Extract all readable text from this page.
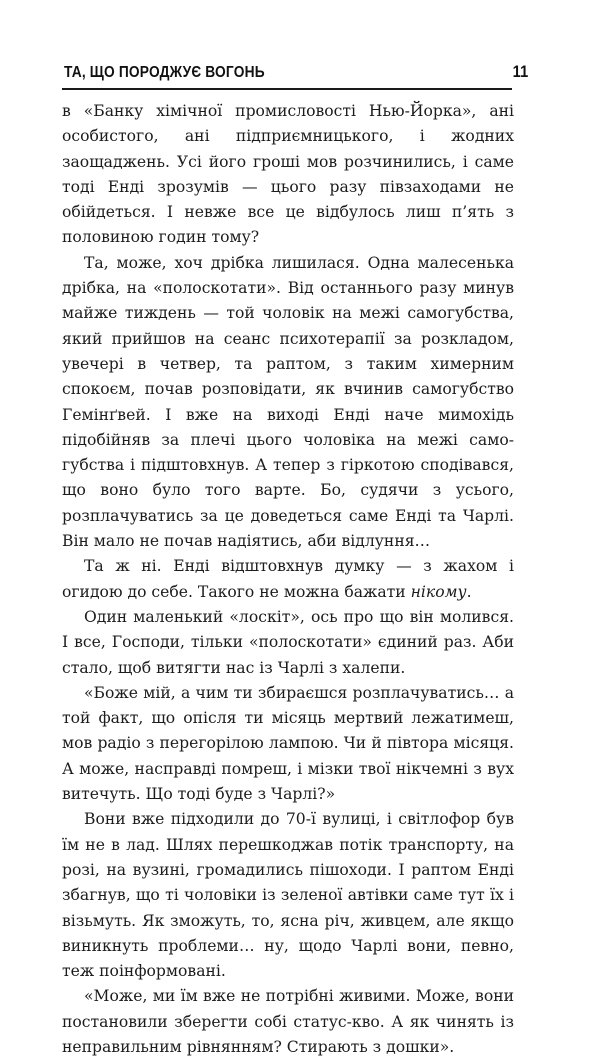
ТА, ЩО ПОРОДЖУЄ ВОГОНЬ	11

в «Банку хімічної промисловості Нью-Йорка», ані особистого, ані підприємницького, і жодних заощаджень. Усі його гроші мов розчинились, і саме тоді Енді зрозумів — цього разу півзаходами не обійдеться. І невже все це відбулось лиш п’ять з половиною годин тому?

Та, може, хоч дрібка лишилася. Одна малесенька дрібка, на «полоскотати». Від останнього разу минув майже тиждень — той чоловік на межі самогубства, який прийшов на сеанс психотерапії за розкладом, увечері в четвер, та раптом, з таким химерним спокоєм, почав розповідати, як вчинив самогубство Гемінґвей. І вже на виході Енді наче мимохідь підобійняв за плечі цього чоловіка на межі самогубства і підштовхнув. А тепер з гіркотою сподівався, що воно було того варте. Бо, судячи з усього, розплачуватись за це доведеться саме Енді та Чарлі. Він мало не почав надіятись, аби відлуння…

Та ж ні. Енді відштовхнув думку — з жахом і огидою до себе. Такого не можна бажати нікому.

Один маленький «лоскіт», ось про що він молився. І все, Господи, тільки «полоскотати» єдиний раз. Аби стало, щоб витягти нас із Чарлі з халепи.

«Боже мій, а чим ти збираєшся розплачуватись… а той факт, що опісля ти місяць мертвий лежатимеш, мов радіо з перегорілою лампою. Чи й півтора місяця. А може, насправді помреш, і мізки твої нікчемні з вух витечуть. Що тоді буде з Чарлі?»

Вони вже підходили до 70-ї вулиці, і світлофор був їм не в лад. Шлях перешкоджав потік транспорту, на розі, на вузині, громадились пішоходи. І раптом Енді збагнув, що ті чоловіки із зеленої автівки саме тут їх і візьмуть. Як зможуть, то, ясна річ, живцем, але якщо виникнуть проблеми… ну, щодо Чарлі вони, певно, теж поінформовані.

«Може, ми їм вже не потрібні живими. Може, вони постановили зберегти собі статус-кво. А як чинять із неправильним рівнянням? Стирають з дошки».
